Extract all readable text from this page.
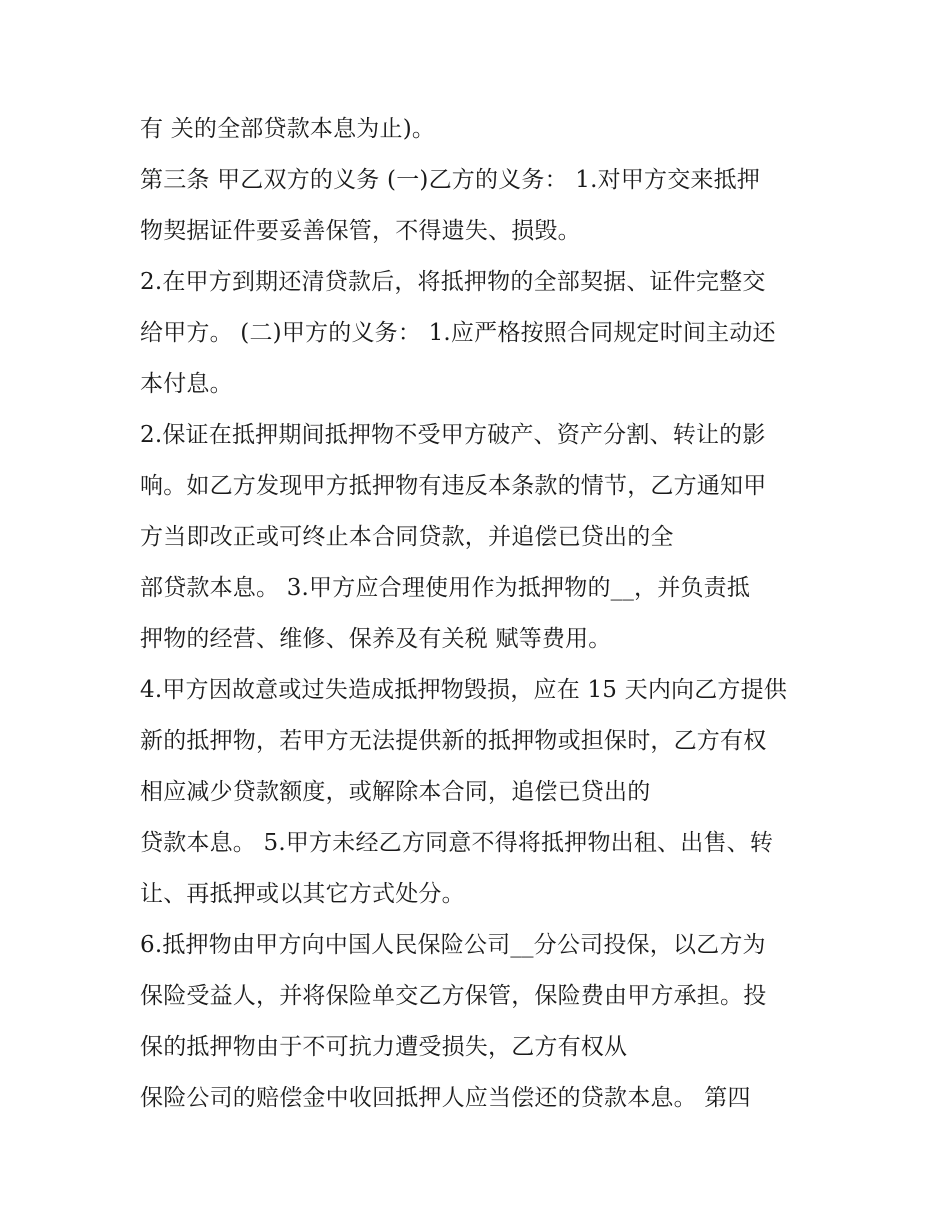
有 关的全部贷款本息为止)。
第三条 甲乙双方的义务 (一)乙方的义务： 1.对甲方交来抵押
物契据证件要妥善保管，不得遗失、损毁。
2.在甲方到期还清贷款后，将抵押物的全部契据、证件完整交
给甲方。 (二)甲方的义务： 1.应严格按照合同规定时间主动还
本付息。
2.保证在抵押期间抵押物不受甲方破产、资产分割、转让的影
响。如乙方发现甲方抵押物有违反本条款的情节，乙方通知甲
方当即改正或可终止本合同贷款，并追偿已贷出的全
部贷款本息。 3.甲方应合理使用作为抵押物的__，并负责抵
押物的经营、维修、保养及有关税 赋等费用。
4.甲方因故意或过失造成抵押物毁损，应在 15 天内向乙方提供
新的抵押物，若甲方无法提供新的抵押物或担保时，乙方有权
相应减少贷款额度，或解除本合同，追偿已贷出的
贷款本息。 5.甲方未经乙方同意不得将抵押物出租、出售、转
让、再抵押或以其它方式处分。
6.抵押物由甲方向中国人民保险公司__分公司投保，以乙方为
保险受益人，并将保险单交乙方保管，保险费由甲方承担。投
保的抵押物由于不可抗力遭受损失，乙方有权从
保险公司的赔偿金中收回抵押人应当偿还的贷款本息。 第四
